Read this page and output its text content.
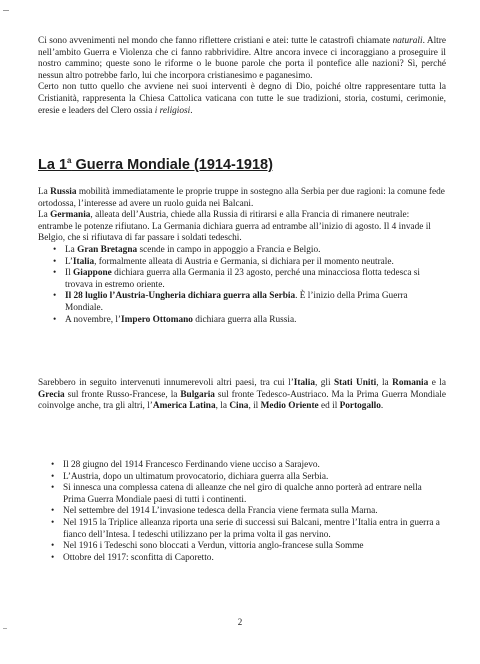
Ci sono avvenimenti nel mondo che fanno riflettere cristiani e atei: tutte le catastrofi chiamate naturali. Altre nell’ambito Guerra e Violenza che ci fanno rabbrividire. Altre ancora invece ci incoraggiano a proseguire il nostro cammino; queste sono le riforme o le buone parole che porta il pontefice alle nazioni? Sì, perché nessun altro potrebbe farlo, lui che incorpora cristianesimo e paganesimo.

Certo non tutto quello che avviene nei suoi interventi è degno di Dio, poiché oltre rappresentare tutta la Cristianità, rappresenta la Chiesa Cattolica vaticana con tutte le sue tradizioni, storia, costumi, cerimonie, eresie e leaders del Clero ossia i religiosi.

La 1$^a$ Guerra Mondiale (1914-1918)

La Russia mobilità immediatamente le proprie truppe in sostegno alla Serbia per due ragioni: la comune fede ortodossa, l’interesse ad avere un ruolo guida nei Balcani.

La Germania, alleata dell’Austria, chiede alla Russia di ritirarsi e alla Francia di rimanere neutrale: entrambe le potenze rifiutano. La Germania dichiara guerra ad entrambe all’inizio di agosto. Il 4 invade il Belgio, che si rifiutava di far passare i soldati tedeschi.

• La Gran Bretagna scende in campo in appoggio a Francia e Belgio.
• L’Italia, formalmente alleata di Austria e Germania, si dichiara per il momento neutrale.
• Il Giappone dichiara guerra alla Germania il 23 agosto, perché una minacciosa flotta tedesca si trovava in estremo oriente.
• Il 28 luglio l’Austria-Ungheria dichiara guerra alla Serbia. È l’inizio della Prima Guerra Mondiale.
• A novembre, l’Impero Ottomano dichiara guerra alla Russia.

Sarebbero in seguito intervenuti innumerevoli altri paesi, tra cui l’Italia, gli Stati Uniti, la Romania e la Grecia sul fronte Russo-Francese, la Bulgaria sul fronte Tedesco-Austriaco. Ma la Prima Guerra Mondiale coinvolge anche, tra gli altri, l’America Latina, la Cina, il Medio Oriente ed il Portogallo.

• Il 28 giugno del 1914 Francesco Ferdinando viene ucciso a Sarajevo.
• L’Austria, dopo un ultimatum provocatorio, dichiara guerra alla Serbia.
• Si innesca una complessa catena di alleanze che nel giro di qualche anno porterà ad entrare nella Prima Guerra Mondiale paesi di tutti i continenti.
• Nel settembre del 1914 L’invasione tedesca della Francia viene fermata sulla Marna.
• Nel 1915 la Triplice alleanza riporta una serie di successi sui Balcani, mentre l’Italia entra in guerra a fianco dell’Intesa. I tedeschi utilizzano per la prima volta il gas nervino.
• Nel 1916 i Tedeschi sono bloccati a Verdun, vittoria anglo-francese sulla Somme
• Ottobre del 1917: sconfitta di Caporetto.
2
